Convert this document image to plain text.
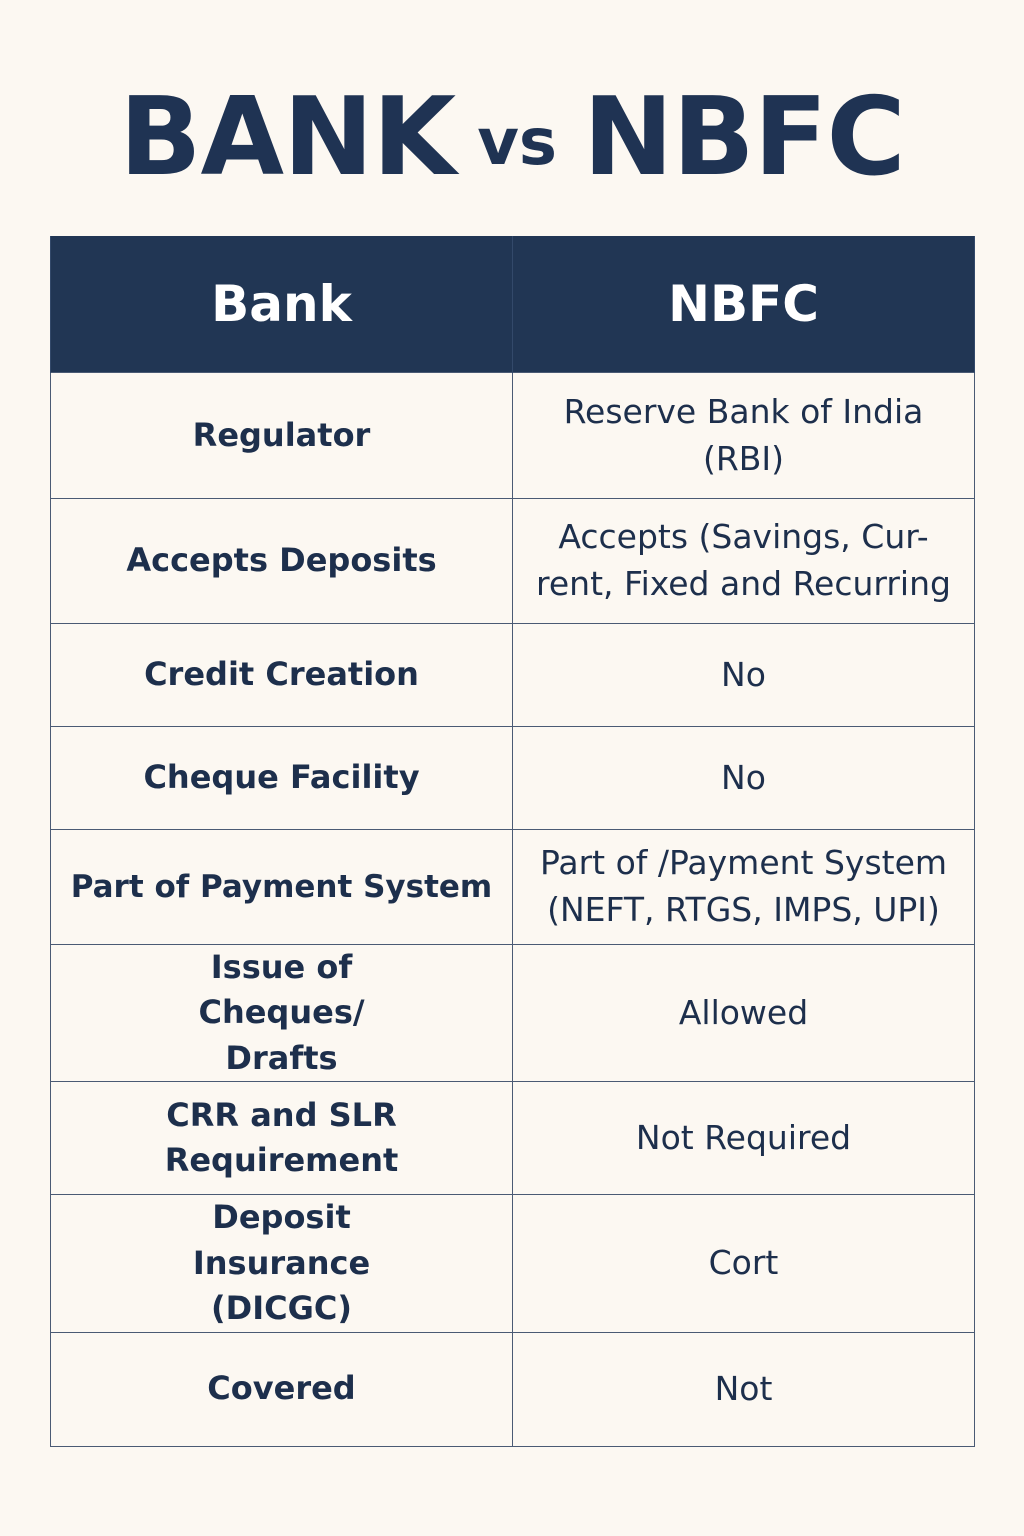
BANK vs NBFC
Bank	NBFC
Regulator	Reserve Bank of India (RBI)
Accepts Deposits	Accepts (Savings, Cur-rent, Fixed and Recurring
Credit Creation	No
Cheque Facility	No
Part of Payment System	Part of /Payment System (NEFT, RTGS, IMPS, UPI)
Issue of Cheques/ Drafts	Allowed
CRR and SLR Requirement	Not Required
Deposit Insurance (DICGC)	Cort
Covered	Not
